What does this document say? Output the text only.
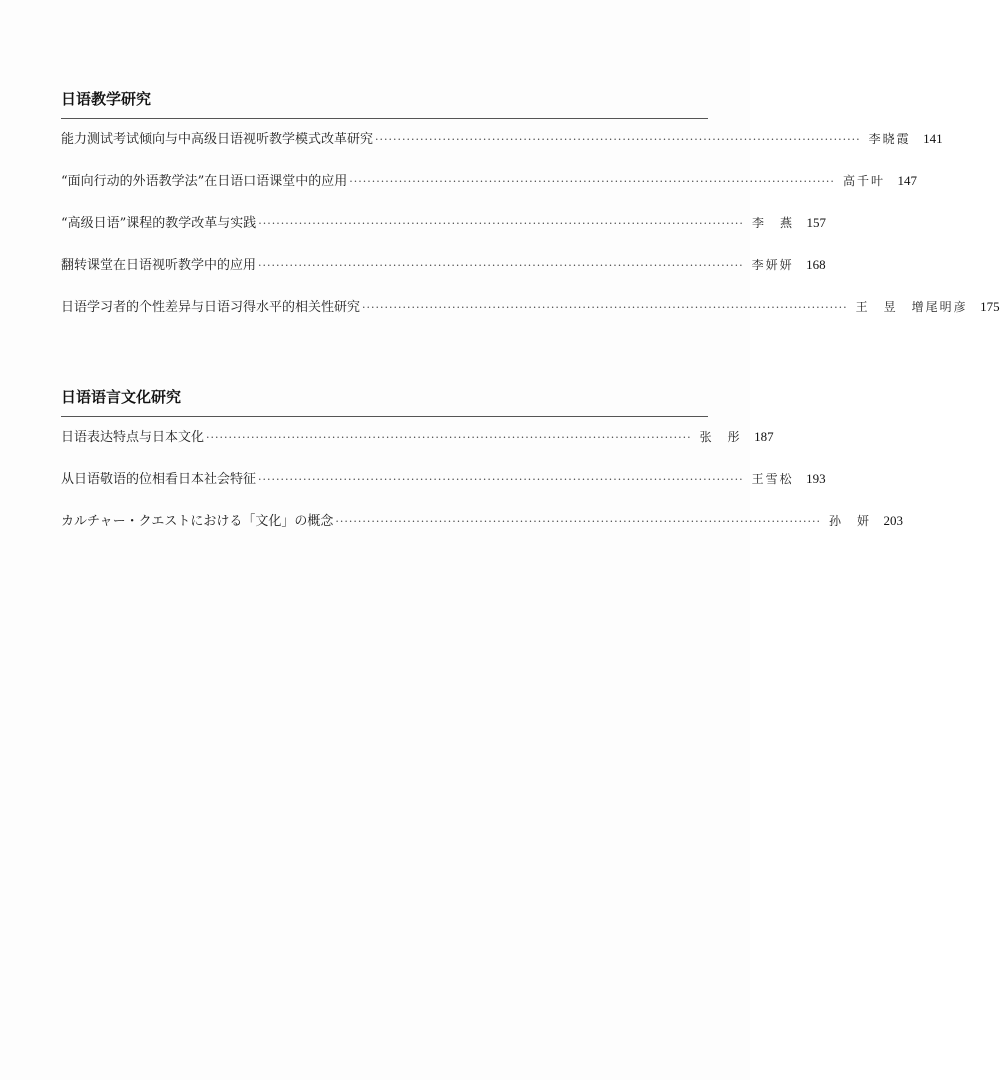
日语教学研究
能力测试考试倾向与中高级日语视听教学模式改革研究 ············································································································ 李晓霞 141
“面向行动的外语教学法”在日语口语课堂中的应用 ············································································································ 高千叶 147
“高级日语”课程的教学改革与实践 ············································································································ 李　燕 157
翻转课堂在日语视听教学中的应用 ············································································································ 李妍妍 168
日语学习者的个性差异与日语习得水平的相关性研究 ············································································································ 王　昱　增尾明彦 175
日语语言文化研究
日语表达特点与日本文化 ············································································································ 张　彤 187
从日语敬语的位相看日本社会特征 ············································································································ 王雪松 193
カルチャー・クエストにおける「文化」の概念 ············································································································ 孙　妍 203
